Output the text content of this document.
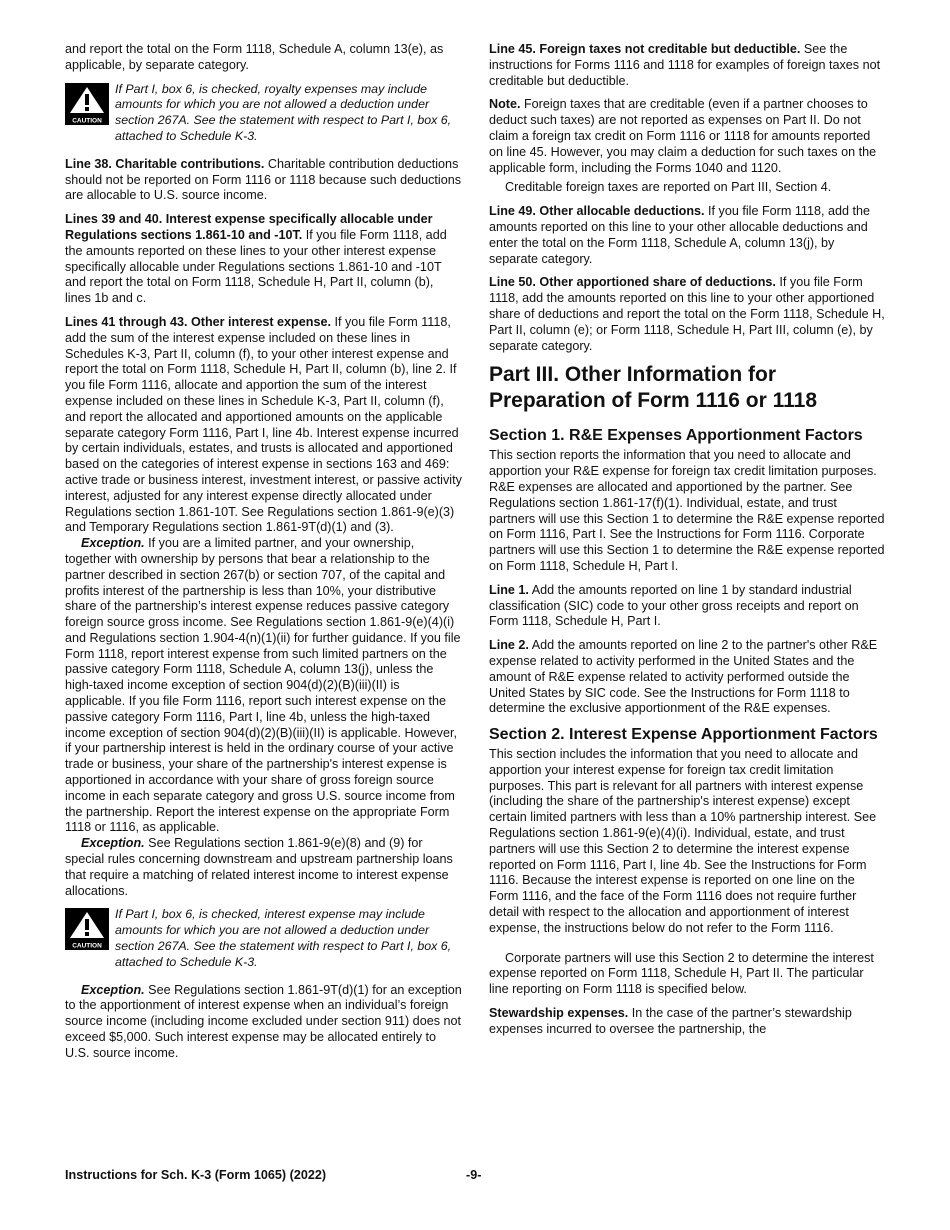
and report the total on the Form 1118, Schedule A, column 13(e), as applicable, by separate category.

CAUTION
If Part I, box 6, is checked, royalty expenses may include amounts for which you are not allowed a deduction under section 267A. See the statement with respect to Part I, box 6, attached to Schedule K-3.

Line 38. Charitable contributions. Charitable contribution deductions should not be reported on Form 1116 or 1118 because such deductions are allocable to U.S. source income.

Lines 39 and 40. Interest expense specifically allocable under Regulations sections 1.861-10 and -10T. If you file Form 1118, add the amounts reported on these lines to your other interest expense specifically allocable under Regulations sections 1.861-10 and -10T and report the total on Form 1118, Schedule H, Part II, column (b), lines 1b and c.

Lines 41 through 43. Other interest expense. If you file Form 1118, add the sum of the interest expense included on these lines in Schedules K-3, Part II, column (f), to your other interest expense and report the total on Form 1118, Schedule H, Part II, column (b), line 2. If you file Form 1116, allocate and apportion the sum of the interest expense included on these lines in Schedule K-3, Part II, column (f), and report the allocated and apportioned amounts on the applicable separate category Form 1116, Part I, line 4b. Interest expense incurred by certain individuals, estates, and trusts is allocated and apportioned based on the categories of interest expense in sections 163 and 469: active trade or business interest, investment interest, or passive activity interest, adjusted for any interest expense directly allocated under Regulations section 1.861-10T. See Regulations section 1.861-9(e)(3) and Temporary Regulations section 1.861-9T(d)(1) and (3).

Exception. If you are a limited partner, and your ownership, together with ownership by persons that bear a relationship to the partner described in section 267(b) or section 707, of the capital and profits interest of the partnership is less than 10%, your distributive share of the partnership’s interest expense reduces passive category foreign source gross income. See Regulations section 1.861-9(e)(4)(i) and Regulations section 1.904-4(n)(1)(ii) for further guidance. If you file Form 1118, report interest expense from such limited partners on the passive category Form 1118, Schedule A, column 13(j), unless the high-taxed income exception of section 904(d)(2)(B)(iii)(II) is applicable. If you file Form 1116, report such interest expense on the passive category Form 1116, Part I, line 4b, unless the high-taxed income exception of section 904(d)(2)(B)(iii)(II) is applicable. However, if your partnership interest is held in the ordinary course of your active trade or business, your share of the partnership's interest expense is apportioned in accordance with your share of gross foreign source income in each separate category and gross U.S. source income from the partnership. Report the interest expense on the appropriate Form 1118 or 1116, as applicable.

Exception. See Regulations section 1.861-9(e)(8) and (9) for special rules concerning downstream and upstream partnership loans that require a matching of related interest income to interest expense allocations.

CAUTION
If Part I, box 6, is checked, interest expense may include amounts for which you are not allowed a deduction under section 267A. See the statement with respect to Part I, box 6, attached to Schedule K-3.

Exception. See Regulations section 1.861-9T(d)(1) for an exception to the apportionment of interest expense when an individual’s foreign source income (including income excluded under section 911) does not exceed $5,000. Such interest expense may be allocated entirely to U.S. source income.

Line 45. Foreign taxes not creditable but deductible. See the instructions for Forms 1116 and 1118 for examples of foreign taxes not creditable but deductible.

Note. Foreign taxes that are creditable (even if a partner chooses to deduct such taxes) are not reported as expenses on Part II. Do not claim a foreign tax credit on Form 1116 or 1118 for amounts reported on line 45. However, you may claim a deduction for such taxes on the applicable form, including the Forms 1040 and 1120.

Creditable foreign taxes are reported on Part III, Section 4.

Line 49. Other allocable deductions. If you file Form 1118, add the amounts reported on this line to your other allocable deductions and enter the total on the Form 1118, Schedule A, column 13(j), by separate category.

Line 50. Other apportioned share of deductions. If you file Form 1118, add the amounts reported on this line to your other apportioned share of deductions and report the total on the Form 1118, Schedule H, Part II, column (e); or Form 1118, Schedule H, Part III, column (e), by separate category.

Part III. Other Information for Preparation of Form 1116 or 1118
Section 1. R&E Expenses Apportionment Factors

This section reports the information that you need to allocate and apportion your R&E expense for foreign tax credit limitation purposes. R&E expenses are allocated and apportioned by the partner. See Regulations section 1.861-17(f)(1). Individual, estate, and trust partners will use this Section 1 to determine the R&E expense reported on Form 1116, Part I. See the Instructions for Form 1116. Corporate partners will use this Section 1 to determine the R&E expense reported on Form 1118, Schedule H, Part I.

Line 1. Add the amounts reported on line 1 by standard industrial classification (SIC) code to your other gross receipts and report on Form 1118, Schedule H, Part I.

Line 2. Add the amounts reported on line 2 to the partner's other R&E expense related to activity performed in the United States and the amount of R&E expense related to activity performed outside the United States by SIC code. See the Instructions for Form 1118 to determine the exclusive apportionment of the R&E expenses.

Section 2. Interest Expense Apportionment Factors

This section includes the information that you need to allocate and apportion your interest expense for foreign tax credit limitation purposes. This part is relevant for all partners with interest expense (including the share of the partnership's interest expense) except certain limited partners with less than a 10% partnership interest. See Regulations section 1.861-9(e)(4)(i). Individual, estate, and trust partners will use this Section 2 to determine the interest expense reported on Form 1116, Part I, line 4b. See the Instructions for Form 1116. Because the interest expense is reported on one line on the Form 1116, and the face of the Form 1116 does not require further detail with respect to the allocation and apportionment of interest expense, the instructions below do not refer to the Form 1116.

Corporate partners will use this Section 2 to determine the interest expense reported on Form 1118, Schedule H, Part II. The particular line reporting on Form 1118 is specified below.

Stewardship expenses. In the case of the partner’s stewardship expenses incurred to oversee the partnership, the

Instructions for Sch. K-3 (Form 1065) (2022)	-9-
